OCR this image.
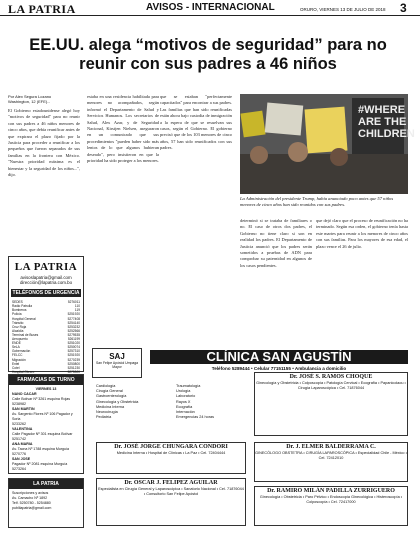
LA PATRIA	AVISOS - INTERNACIONAL	ORURO, VIERNES 13 DE JULIO DE 2018 3
EE.UU. alega “motivos de seguridad” para no reunir con sus padres a 46 niños
Por Alex Segura Lozano
Washington, 12 (EFE).-
El Gobierno estadounidense alegó hoy "motivos de seguridad" para no reunir con sus padres a 46 niños menores de cinco años, que debía reunificar antes de que expirara el plazo fijado por la Justicia para proceder a reunificar a los pequeños que fueron separados de sus familias en la frontera con México. "Nuestra prioridad máxima es el bienestar y la seguridad de los niños...", dijo.
estaba en una residencia habilitada para menores no acompañados, según informó el Departamento de Salud y Servicios Humanos. Los secretarios de Salud, Alex Azar, y de Seguridad Nacional, Kirstjen Nielsen, aseguraron en un comunicado que sus procedimientos "pueden haber sido más lentos de lo que algunos hubieran deseado", pero insistieron en que la prioridad ha sido proteger a los menores.
que se estaban "perfectamente capacitados" para encontrar a sus padres. Las familias que han sido reunificadas están ahora bajo custodia de inmigración a la espera de que se resuelvan sus casos, según el Gobierno. El gobierno precisó que de los 103 menores de cinco años, 57 han sido reunificados con sus padres.
#WHERE ARE THE CHILDREN
La Administración del presidente Trump, había anunciado poco antes que 57 niños menores de cinco años han sido reunidos con sus padres.
determinó si se trataba de familiares o no. El caso de otros dos padres, el Gobierno no tiene claro si son en realidad los padres. El Departamento de Justicia anunció que los padres serán sometidos a pruebas de ADN para comprobar su paternidad en algunos de los casos pendientes.
que dejó claro que el proceso de reunificación no ha terminado. Según esa orden, el gobierno tenía hasta este martes para reunir a los menores de cinco años con sus familias. Para los mayores de esa edad, el plazo vence el 26 de julio.
LA PATRIA
avisoslapatria@gmail.com
dirección@lapatria.com.bo
TELÉFONOS DE URGENCIA
SEDES	5276011
Radio Patrulla	110
Bomberos	119
Policía	5251920
Hospital General	5277408
Tránsito	5254140
Cruz Roja	5253232
Alcaldía	5252566
Terminal de Buses	5279535
Aeropuerto	5261199
ENDE	5251020
SeLA	5250074
Gobernación	5257310
FELCC	5251920
Migración	5270239
Entel	5250800
Cotel	5251230
Hospital Obrero	5275300
FARMACIAS DE TURNO
VIERNES 13
NANO CACAR
Calle Bolívar Nº 3261 esquina Rojas
5238982
SAN MARTIN
Av. Sargento Flores Nº 106 Pagador y Soria
5233262
VALENTINA
Calle Pagador Nº 301 esquina Bolívar
5251742
ANA MARIA
Av. Tacna Nº 1788 esquina Murguía
5270776
SAN JOSE
Pagador Nº 2081 esquina Murguía
5273264
LA PATRIA
Suscripciones y avisos
Av. Camacho Nº 1892
Telf. 5250780 - 5254880
publilapatria@gmail.com
SAJ
San Felipe Apóstol Umpaga Mayor
CLÍNICA SAN AGUSTÍN
Teléfono 5289444 • Celular 77151155 • Ambulancia a domicilio
Cardiología
Cirugía General
Gastroenterología
Ginecología y Obstetricia
Medicina Interna
Neurocirugía
Pediatría
Traumatología
Urología
Laboratorio
Rayos X
Ecografía
Internación
Emergencias 24 horas
Dr. JOSÉ S. RAMOS CHOQUE
Ginecología y Obstetricia • Colposcopía • Patología Cervical • Ecografía • Papanicolaou • Cirugía Laparoscópica • Cel. 71876044
Dr. JOSÉ JORGE CHUNGARA CONDORI
Medicina Interna • Hospital de Clínicas • La Paz • Cel. 72404444
Dr. J. ELMER BALDERRAMA C.
GINECÓLOGO OBSTETRA • CIRUGÍA LAPAROSCÓPICA • Especialidad Chile - México • Cel. 72412010
Dr. OSCAR J. FELIPEZ AGUILAR
Especialista en Cirugía General y Laparoscópica • Sanatorio Nacional • Cel. 71876044 • Consultorio San Felipe Apóstol	Dr. RAMIRO MILÁN PADILLA ZURRIGUERO
Ginecología • Obstetricia • Paro Pélvico • Endoscopía Ginecológica • Histeroscopía • Colposcopía • Cel. 72417000
